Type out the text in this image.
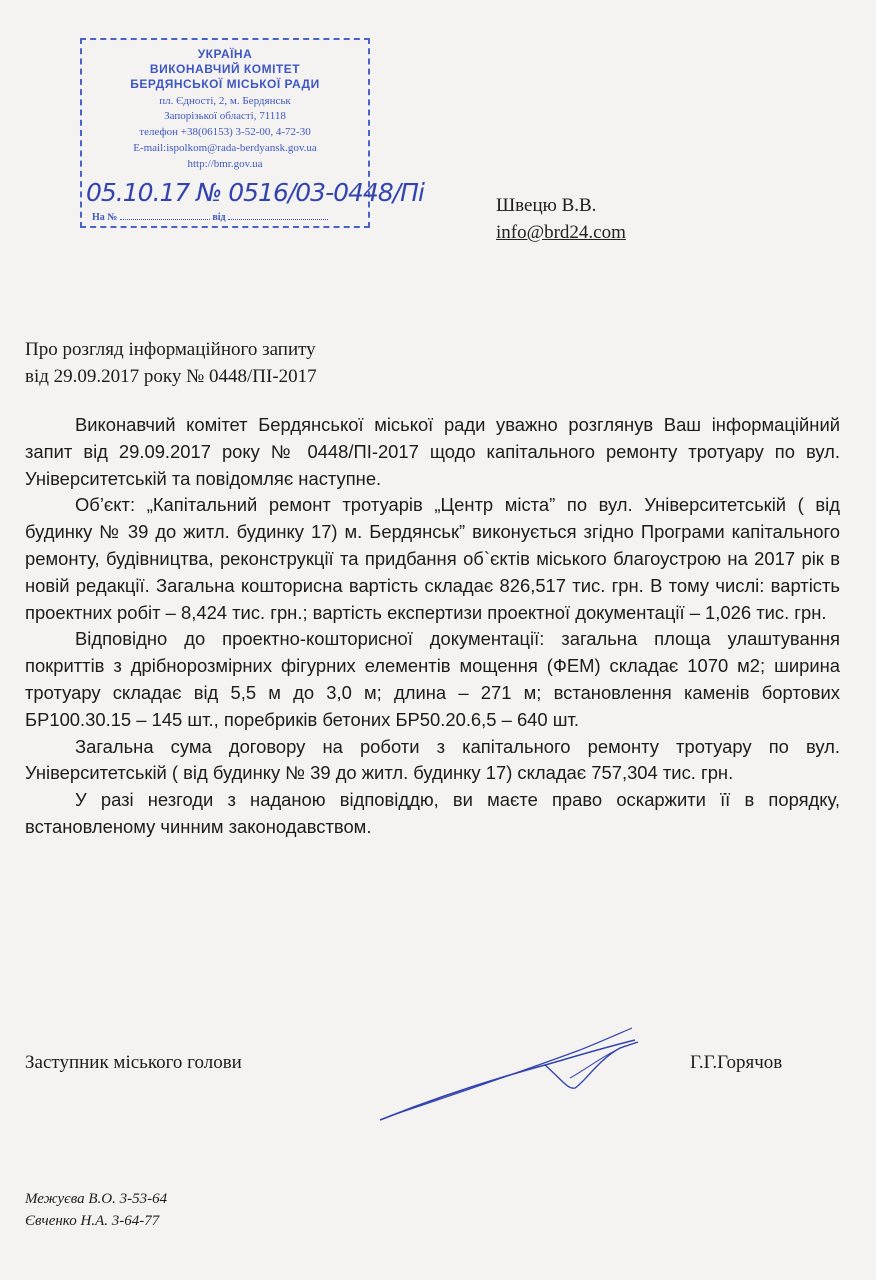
УКРАЇНА
ВИКОНАВЧИЙ КОМІТЕТ
БЕРДЯНСЬКОЇ МІСЬКОЇ РАДИ
пл. Єдності, 2, м. Бердянськ
Запорізької області, 71118
телефон +38(06153) 3-52-00, 4-72-30
E-mail:ispolkom@rada-berdyansk.gov.ua
http://bmr.gov.ua
05.10.17 № 0516/03-0448/Пі
На №	від
Швецю В.В.
info@brd24.com
Про розгляд інформаційного запиту
від 29.09.2017 року № 0448/ПІ-2017

Виконавчий комітет Бердянської міської ради уважно розглянув Ваш інформаційний запит від 29.09.2017 року № 0448/ПІ-2017 щодо капітального ремонту тротуару по вул. Університетській та повідомляє наступне.

Об’єкт: „Капітальний ремонт тротуарів „Центр міста” по вул. Університетській ( від будинку № 39 до житл. будинку 17) м. Бердянськ” виконується згідно Програми капітального ремонту, будівництва, реконструкції та придбання об`єктів міського благоустрою на 2017 рік в новій редакції. Загальна кошторисна вартість складає 826,517 тис. грн. В тому числі: вартість проектних робіт – 8,424 тис. грн.; вартість експертизи проектної документації – 1,026 тис. грн.

Відповідно до проектно-кошторисної документації: загальна площа улаштування покриттів з дрібнорозмірних фігурних елементів мощення (ФЕМ) складає 1070 м2; ширина тротуару складає від 5,5 м до 3,0 м; длина – 271 м; встановлення каменів бортових БР100.30.15 – 145 шт., поребриків бетоних БР50.20.6,5 – 640 шт.

Загальна сума договору на роботи з капітального ремонту тротуару по вул. Університетській ( від будинку № 39 до житл. будинку 17) складає 757,304 тис. грн.

У разі незгоди з наданою відповіддю, ви маєте право оскаржити її в порядку, встановленому чинним законодавством.

Заступник міського голови	Г.Г.Горячов
Межуєва В.О. 3-53-64
Євченко Н.А. 3-64-77
